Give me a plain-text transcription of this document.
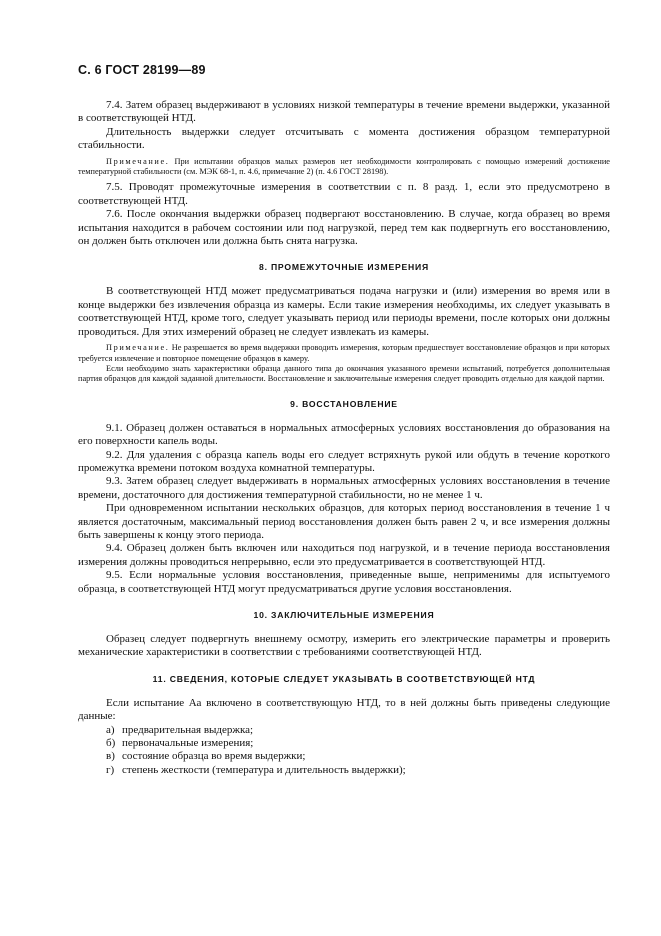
С. 6 ГОСТ 28199—89

7.4. Затем образец выдерживают в условиях низкой температуры в течение времени выдержки, указанной в соответствующей НТД.

Длительность выдержки следует отсчитывать с момента достижения образцом температурной стабильности.

Примечание. При испытании образцов малых размеров нет необходимости контролировать с помощью измерений достижение температурной стабильности (см. МЭК 68-1, п. 4.6, примечание 2) (п. 4.6 ГОСТ 28198).

7.5. Проводят промежуточные измерения в соответствии с п. 8 разд. 1, если это предусмотрено в соответствующей НТД.

7.6. После окончания выдержки образец подвергают восстановлению. В случае, когда образец во время испытания находится в рабочем состоянии или под нагрузкой, перед тем как подвергнуть его восстановлению, он должен быть отключен или должна быть снята нагрузка.

8. ПРОМЕЖУТОЧНЫЕ ИЗМЕРЕНИЯ

В соответствующей НТД может предусматриваться подача нагрузки и (или) измерения во время или в конце выдержки без извлечения образца из камеры. Если такие измерения необходимы, их следует указывать в соответствующей НТД, кроме того, следует указывать период или периоды времени, после которых они должны проводиться. Для этих измерений образец не следует извлекать из камеры.

Примечание. Не разрешается во время выдержки проводить измерения, которым предшествует восстановление образцов и при которых требуется извлечение и повторное помещение образцов в камеру.

Если необходимо знать характеристики образца данного типа до окончания указанного времени испытаний, потребуется дополнительная партия образцов для каждой заданной длительности. Восстановление и заключительные измерения следует проводить отдельно для каждой партии.

9. ВОССТАНОВЛЕНИЕ

9.1. Образец должен оставаться в нормальных атмосферных условиях восстановления до образования на его поверхности капель воды.

9.2. Для удаления с образца капель воды его следует встряхнуть рукой или обдуть в течение короткого промежутка времени потоком воздуха комнатной температуры.

9.3. Затем образец следует выдерживать в нормальных атмосферных условиях восстановления в течение времени, достаточного для достижения температурной стабильности, но не менее 1 ч.

При одновременном испытании нескольких образцов, для которых период восстановления в течение 1 ч является достаточным, максимальный период восстановления должен быть равен 2 ч, и все измерения должны быть завершены к концу этого периода.

9.4. Образец должен быть включен или находиться под нагрузкой, и в течение периода восстановления измерения должны проводиться непрерывно, если это предусматривается в соответствующей НТД.

9.5. Если нормальные условия восстановления, приведенные выше, неприменимы для испытуемого образца, в соответствующей НТД могут предусматриваться другие условия восстановления.

10. ЗАКЛЮЧИТЕЛЬНЫЕ ИЗМЕРЕНИЯ

Образец следует подвергнуть внешнему осмотру, измерить его электрические параметры и проверить механические характеристики в соответствии с требованиями соответствующей НТД.

11. СВЕДЕНИЯ, КОТОРЫЕ СЛЕДУЕТ УКАЗЫВАТЬ В СООТВЕТСТВУЮЩЕЙ НТД

Если испытание Аа включено в соответствующую НТД, то в ней должны быть приведены следующие данные:

а) предварительная выдержка;
б) первоначальные измерения;
в) состояние образца во время выдержки;
г) степень жесткости (температура и длительность выдержки);
